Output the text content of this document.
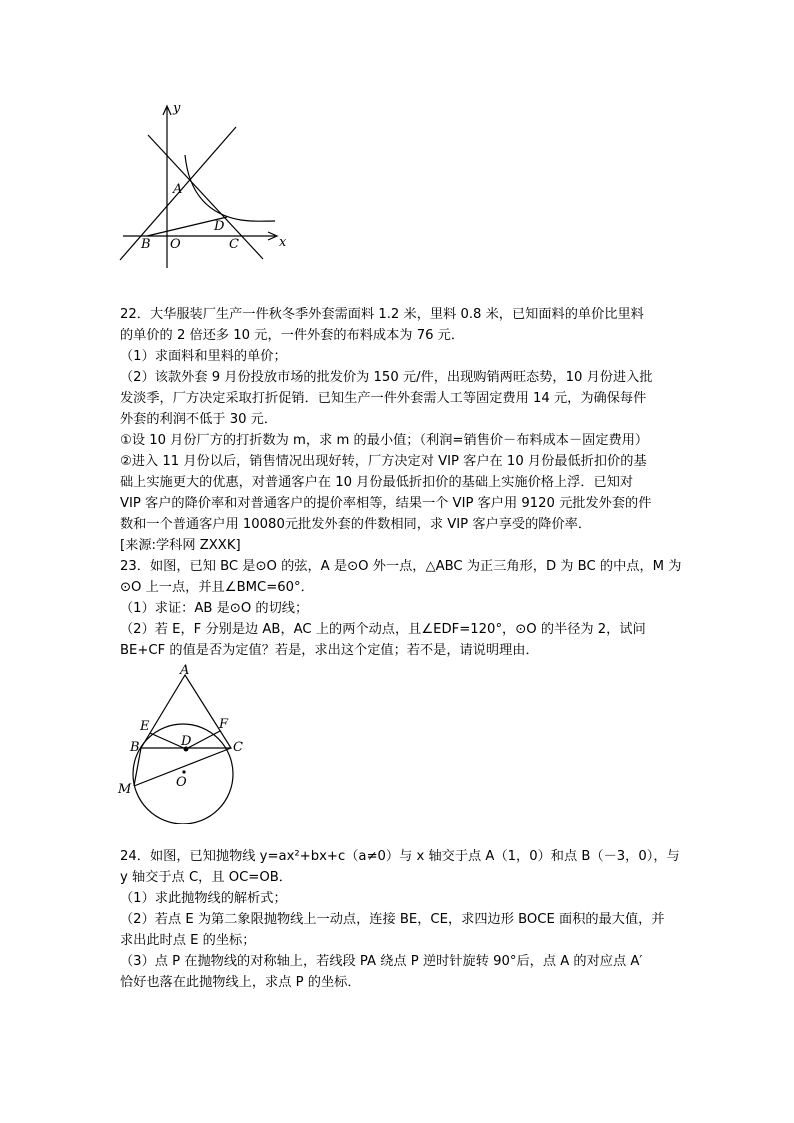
y
x
A
B O
D
C
22．大华服装厂生产一件秋冬季外套需面料 1.2 米，里料 0.8 米，已知面料的单价比里料
的单价的 2 倍还多 10 元，一件外套的布料成本为 76 元．
（1）求面料和里料的单价；
（2）该款外套 9 月份投放市场的批发价为 150 元/件，出现购销两旺态势，10 月份进入批
发淡季，厂方决定采取打折促销．已知生产一件外套需人工等固定费用 14 元，为确保每件
外套的利润不低于 30 元．
①设 10 月份厂方的打折数为 m，求 m 的最小值；（利润=销售价－布料成本－固定费用）
②进入 11 月份以后，销售情况出现好转，厂方决定对 VIP 客户在 10 月份最低折扣价的基
础上实施更大的优惠，对普通客户在 10 月份最低折扣价的基础上实施价格上浮．已知对
VIP 客户的降价率和对普通客户的提价率相等，结果一个 VIP 客户用 9120 元批发外套的件
数和一个普通客户用 10080元批发外套的件数相同，求 VIP 客户享受的降价率．
[来源:学科网 ZXXK]
23．如图，已知 BC 是⊙O 的弦，A 是⊙O 外一点，△ABC 为正三角形，D 为 BC 的中点，M 为
⊙O 上一点，并且∠BMC=60°．
（1）求证：AB 是⊙O 的切线；
（2）若 E，F 分别是边 AB，AC 上的两个动点，且∠EDF=120°，⊙O 的半径为 2，试问
BE+CF 的值是否为定值？若是，求出这个定值；若不是，请说明理由．
A
E	F
B	D	C
M	O
24．如图，已知抛物线 y=ax²+bx+c（a≠0）与 x 轴交于点 A（1，0）和点 B（－3，0），与
y 轴交于点 C，且 OC=OB．
（1）求此抛物线的解析式；
（2）若点 E 为第二象限抛物线上一动点，连接 BE，CE，求四边形 BOCE 面积的最大值，并
求出此时点 E 的坐标；
（3）点 P 在抛物线的对称轴上，若线段 PA 绕点 P 逆时针旋转 90°后，点 A 的对应点 A′
恰好也落在此抛物线上，求点 P 的坐标．
